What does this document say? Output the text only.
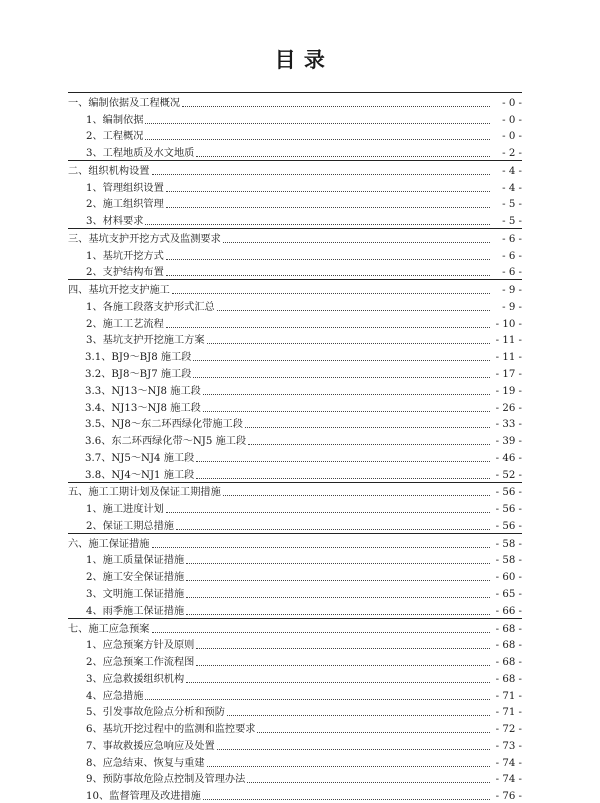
目 录
一、编制依据及工程概况	- 0 -
1、编制依据	- 0 -
2、工程概况	- 0 -
3、工程地质及水文地质	- 2 -
二、组织机构设置	- 4 -
1、管理组织设置	- 4 -
2、施工组织管理	- 5 -
3、材料要求	- 5 -
三、基坑支护开挖方式及监测要求	- 6 -
1、基坑开挖方式	- 6 -
2、支护结构布置	- 6 -
四、基坑开挖支护施工	- 9 -
1、各施工段落支护形式汇总	- 9 -
2、施工工艺流程	- 10 -
3、基坑支护开挖施工方案	- 11 -
3.1、BJ9～BJ8 施工段	- 11 -
3.2、BJ8～BJ7 施工段	- 17 -
3.3、NJ13～NJ8 施工段	- 19 -
3.4、NJ13～NJ8 施工段	- 26 -
3.5、NJ8～东二环西绿化带施工段	- 33 -
3.6、东二环西绿化带～NJ5 施工段	- 39 -
3.7、NJ5～NJ4 施工段	- 46 -
3.8、NJ4～NJ1 施工段	- 52 -
五、施工工期计划及保证工期措施	- 56 -
1、施工进度计划	- 56 -
2、保证工期总措施	- 56 -
六、施工保证措施	- 58 -
1、施工质量保证措施	- 58 -
2、施工安全保证措施	- 60 -
3、文明施工保证措施	- 65 -
4、雨季施工保证措施	- 66 -
七、施工应急预案	- 68 -
1、应急预案方针及原则	- 68 -
2、应急预案工作流程图	- 68 -
3、应急救援组织机构	- 68 -
4、应急措施	- 71 -
5、引发事故危险点分析和预防	- 71 -
6、基坑开挖过程中的监测和监控要求	- 72 -
7、事故救援应急响应及处置	- 73 -
8、应急结束、恢复与重建	- 74 -
9、预防事故危险点控制及管理办法	- 74 -
10、监督管理及改进措施	- 76 -
